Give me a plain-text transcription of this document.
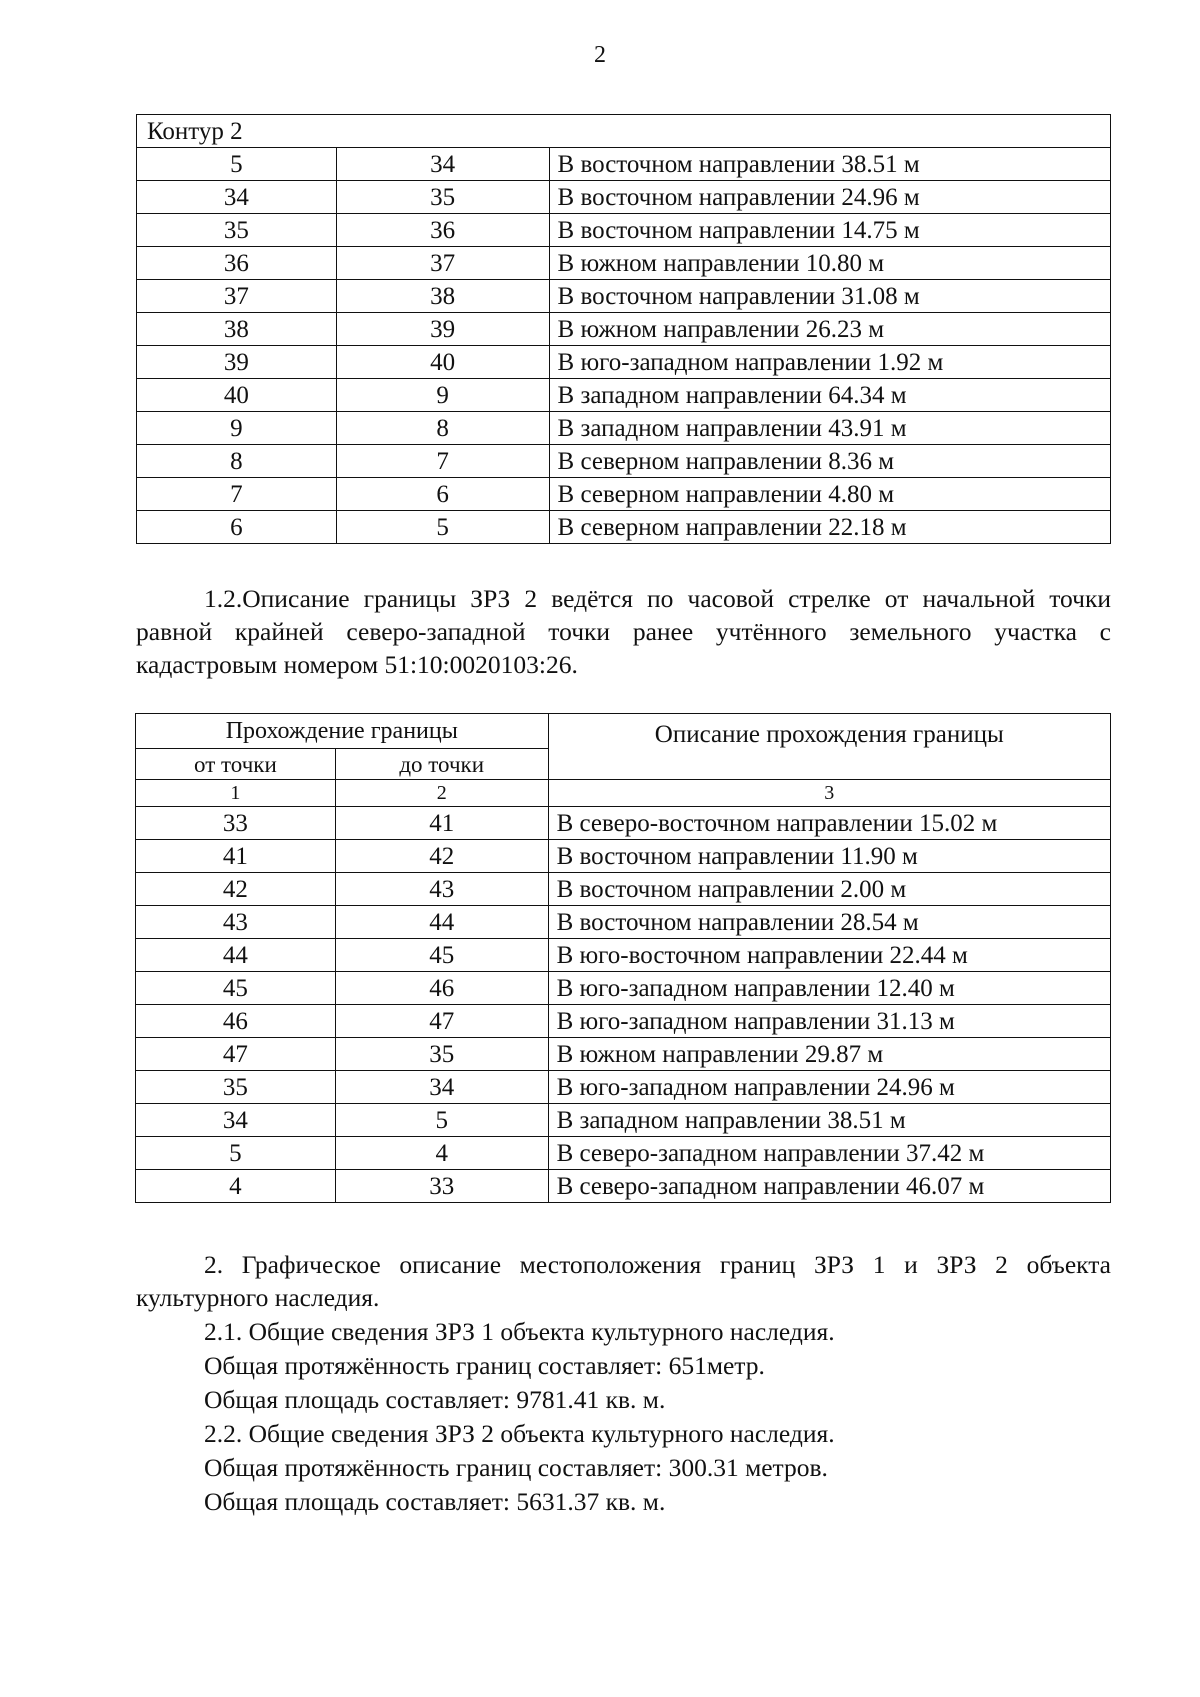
2
Контур 2		
5	34	В восточном направлении 38.51 м
34	35	В восточном направлении 24.96 м
35	36	В восточном направлении 14.75 м
36	37	В южном направлении 10.80 м
37	38	В восточном направлении 31.08 м
38	39	В южном направлении 26.23 м
39	40	В юго-западном направлении 1.92 м
40	9	В западном направлении 64.34 м
9	8	В западном направлении 43.91 м
8	7	В северном направлении 8.36 м
7	6	В северном направлении 4.80 м
6	5	В северном направлении 22.18 м
1.2.Описание границы ЗРЗ 2 ведётся по часовой стрелке от начальной точки равной крайней северо-западной точки ранее учтённого земельного участка с кадастровым номером 51:10:0020103:26.
Прохождение границы		Описание прохождения границы
от точки	до точки	
1	2	3
33	41	В северо-восточном направлении 15.02 м
41	42	В восточном направлении 11.90 м
42	43	В восточном направлении 2.00 м
43	44	В восточном направлении 28.54 м
44	45	В юго-восточном направлении 22.44 м
45	46	В юго-западном направлении 12.40 м
46	47	В юго-западном направлении 31.13 м
47	35	В южном направлении 29.87 м
35	34	В юго-западном направлении 24.96 м
34	5	В западном направлении 38.51 м
5	4	В северо-западном направлении 37.42 м
4	33	В северо-западном направлении 46.07 м
2. Графическое описание местоположения границ ЗРЗ 1 и ЗРЗ 2 объекта культурного наследия.
2.1. Общие сведения ЗРЗ 1 объекта культурного наследия.
Общая протяжённость границ составляет: 651метр.
Общая площадь составляет: 9781.41 кв. м.
2.2. Общие сведения ЗРЗ 2 объекта культурного наследия.
Общая протяжённость границ составляет: 300.31 метров.
Общая площадь составляет: 5631.37 кв. м.
